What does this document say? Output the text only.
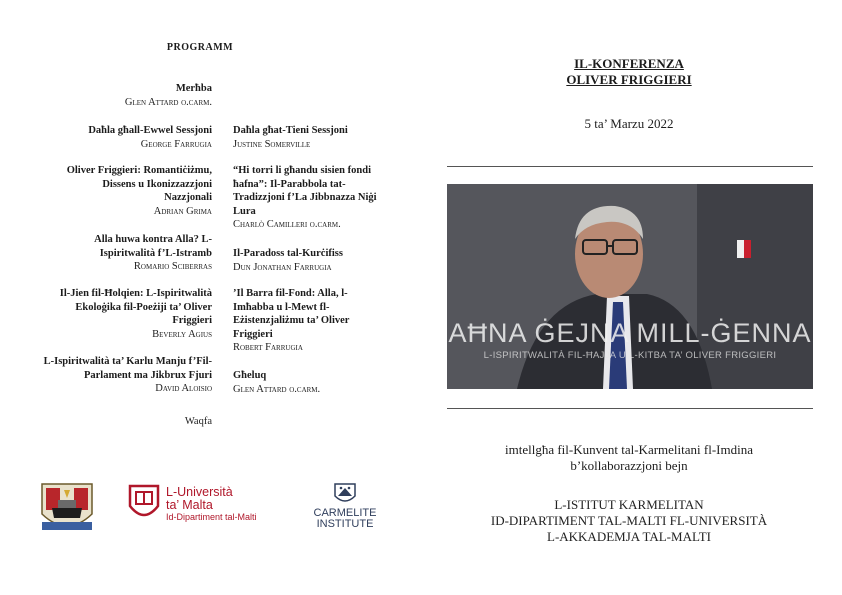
PROGRAMM
Merħba
Glen Attard o.carm.
Daħla għall-Ewwel Sessjoni
George Farrugia
Oliver Friggieri: Romantiċiżmu, Dissens u Ikonizzazzjoni Nazzjonali
Adrian Grima
Alla huwa kontra Alla? L-Ispiritwalità f’L-Istramb
Romario Sciberras
Il-Jien fil-Ħolqien: L-Ispiritwalità Ekoloġika fil-Poeżiji ta’ Oliver Friggieri
Beverly Agius
L-Ispiritwalità ta’ Karlu Manju f’Fil-Parlament ma Jikbrux Fjuri
David Aloisio
Daħla għat-Tieni Sessjoni
Justine Somerville
“Hi torri li għandu sisien fondi ħafna”: Il-Parabbola tat-Tradizzjoni f’La Jibbnazza Niġi Lura
Charlò Camilleri o.carm.
Il-Paradoss tal-Kurċifiss
Dun Jonathan Farrugia
’Il Barra fil-Fond: Alla, l-Imħabba u l-Mewt fl-Eżistenzjaliżmu ta’ Oliver Friggieri
Robert Farrugia
Għeluq
Glen Attard o.carm.
Waqfa
L-Università
ta’ Malta
Id-Dipartiment tal-Malti	CARMELITE
INSTITUTE
IL-KONFERENZA
OLIVER FRIGGIERI
5 ta’ Marzu 2022
AĦNA ĠEJNA MILL-ĠENNA
L-ISPIRITWALITÀ FIL-ĦAJJA U L-KITBA TA’ OLIVER FRIGGIERI
imtellgħa fil-Kunvent tal-Karmelitani fl-Imdina
b’kollaborazzjoni bejn
L-ISTITUT KARMELITAN
ID-DIPARTIMENT TAL-MALTI FL-UNIVERSITÀ
L-AKKADEMJA TAL-MALTI
